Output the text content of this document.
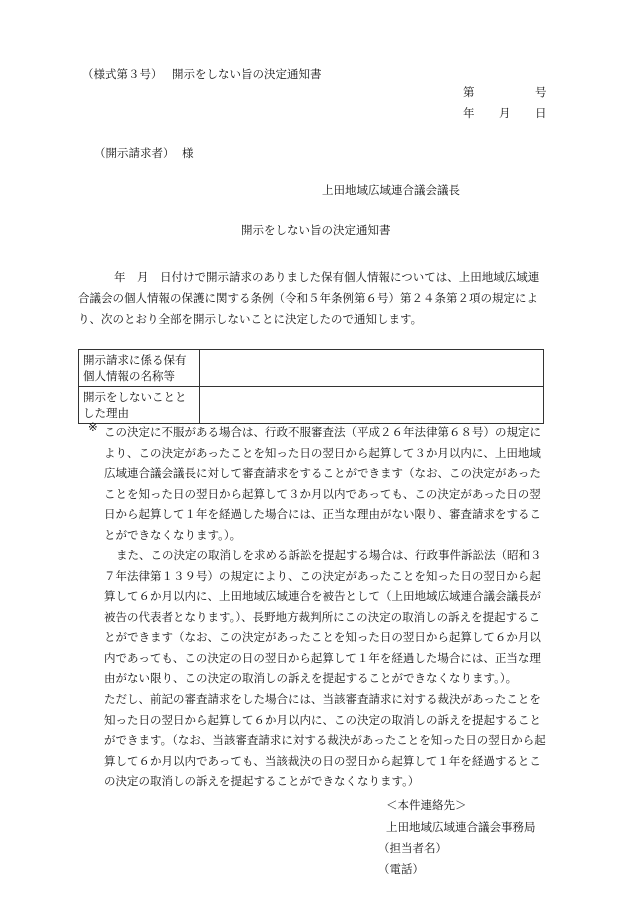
（様式第３号） 開示をしない旨の決定通知書
第	号
年 月 日
（開示請求者） 様
上田地域広域連合議会議長
開示をしない旨の決定通知書
年　月　日付けで開示請求のありました保有個人情報については、上田地域広域連合議会の個人情報の保護に関する条例（令和５年条例第６号）第２４条第２項の規定により、次のとおり全部を開示しないことに決定したので通知します。
開示請求に係る保有個人情報の名称等	
開示をしないこととした理由	
※ この決定に不服がある場合は、行政不服審査法（平成２６年法律第６８号）の規定により、この決定があったことを知った日の翌日から起算して３か月以内に、上田地域広域連合議会議長に対して審査請求をすることができます（なお、この決定があったことを知った日の翌日から起算して３か月以内であっても、この決定があった日の翌日から起算して１年を経過した場合には、正当な理由がない限り、審査請求をすることができなくなります。）。
また、この決定の取消しを求める訴訟を提起する場合は、行政事件訴訟法（昭和３７年法律第１３９号）の規定により、この決定があったことを知った日の翌日から起算して６か月以内に、上田地域広域連合を被告として（上田地域広域連合議会議長が被告の代表者となります。）、長野地方裁判所にこの決定の取消しの訴えを提起することができます（なお、この決定があったことを知った日の翌日から起算して６か月以内であっても、この決定の日の翌日から起算して１年を経過した場合には、正当な理由がない限り、この決定の取消しの訴えを提起することができなくなります。）。
ただし、前記の審査請求をした場合には、当該審査請求に対する裁決があったことを知った日の翌日から起算して６か月以内に、この決定の取消しの訴えを提起することができます。（なお、当該審査請求に対する裁決があったことを知った日の翌日から起算して６か月以内であっても、当該裁決の日の翌日から起算して１年を経過するとこの決定の取消しの訴えを提起することができなくなります。）
＜本件連絡先＞
上田地域広域連合議会事務局
（担当者名）
（電話）
